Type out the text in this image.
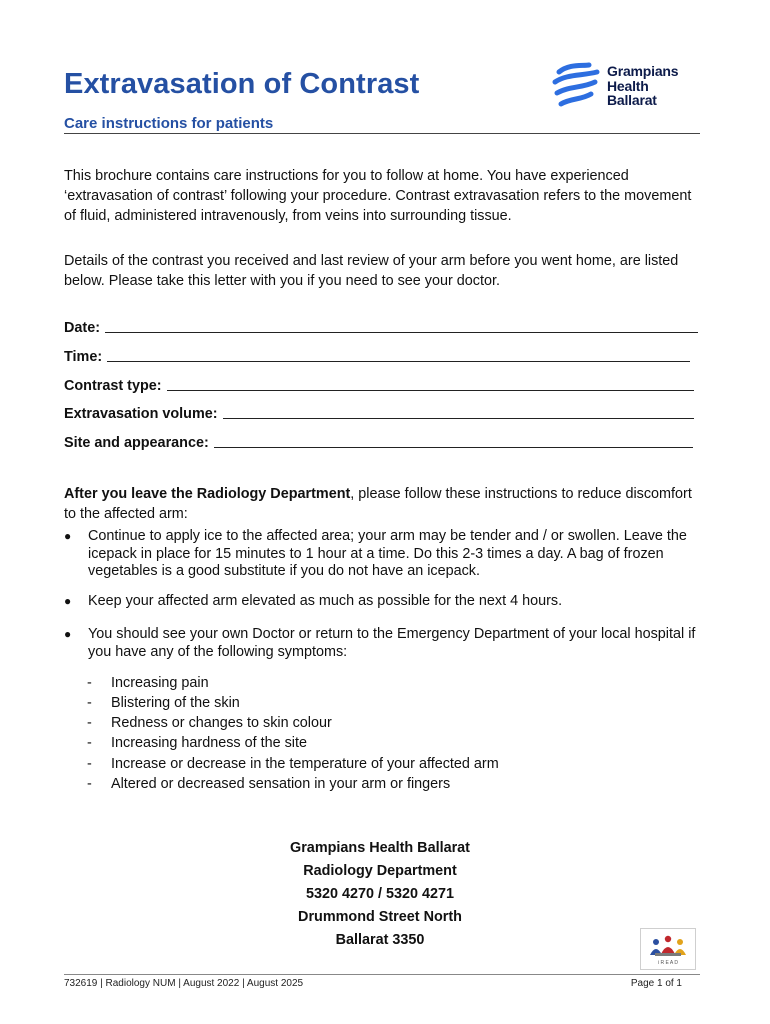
Extravasation of Contrast	Grampians
Health
Ballarat
Care instructions for patients

This brochure contains care instructions for you to follow at home. You have experienced ‘extravasation of contrast’ following your procedure. Contrast extravasation refers to the movement of fluid, administered intravenously, from veins into surrounding tissue.

Details of the contrast you received and last review of your arm before you went home, are listed below. Please take this letter with you if you need to see your doctor.

Date:
Time:
Contrast type:
Extravasation volume:
Site and appearance:

After you leave the Radiology Department, please follow these instructions to reduce discomfort to the affected arm:

● Continue to apply ice to the affected area; your arm may be tender and / or swollen. Leave the icepack in place for 15 minutes to 1 hour at a time. Do this 2-3 times a day. A bag of frozen vegetables is a good substitute if you do not have an icepack.
● Keep your affected arm elevated as much as possible for the next 4 hours.
● You should see your own Doctor or return to the Emergency Department of your local hospital if you have any of the following symptoms:
- Increasing pain
- Blistering of the skin
- Redness or changes to skin colour
- Increasing hardness of the site
- Increase or decrease in the temperature of your affected arm
- Altered or decreased sensation in your arm or fingers
Grampians Health Ballarat
Radiology Department
5320 4270 / 5320 4271
Drummond Street North
Ballarat 3350
i R E A D
732619 | Radiology NUM | August 2022 | August 2025	Page 1 of 1
